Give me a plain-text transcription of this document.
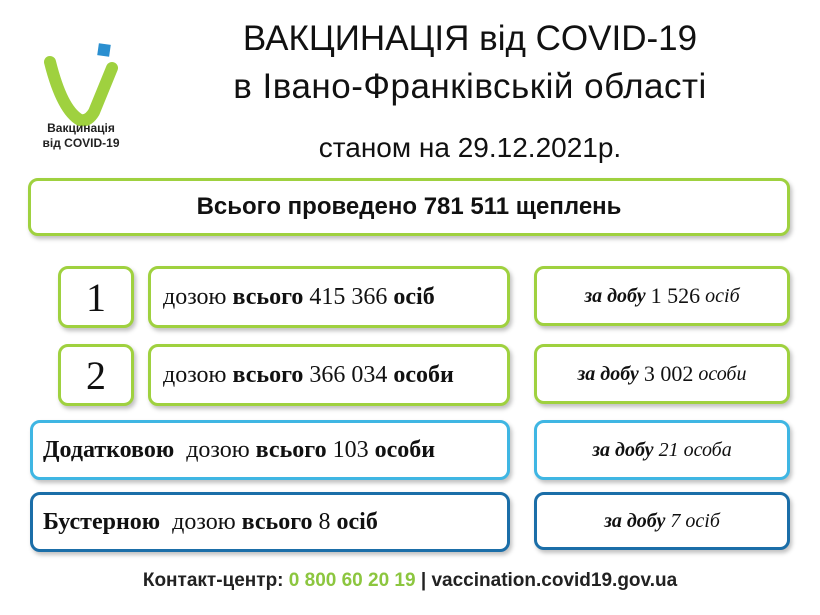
Вакцинація
від COVID-19
ВАКЦИНАЦІЯ від COVID-19
в Івано-Франківській області
станом на 29.12.2021р.
Всього проведено
781 511
щеплень
1 дозою
всього
415 366
осіб	за добу
1 526
осіб
2 дозою
всього
366 034
особи	за добу
3 002
особи
Додатковою
дозою
всього
103
особи	за добу
21
особа
Бустерною
дозою
всього
8
осіб	за добу
7
осіб
Контакт-центр: 0 800 60 20 19 | vaccination.covid19.gov.ua
